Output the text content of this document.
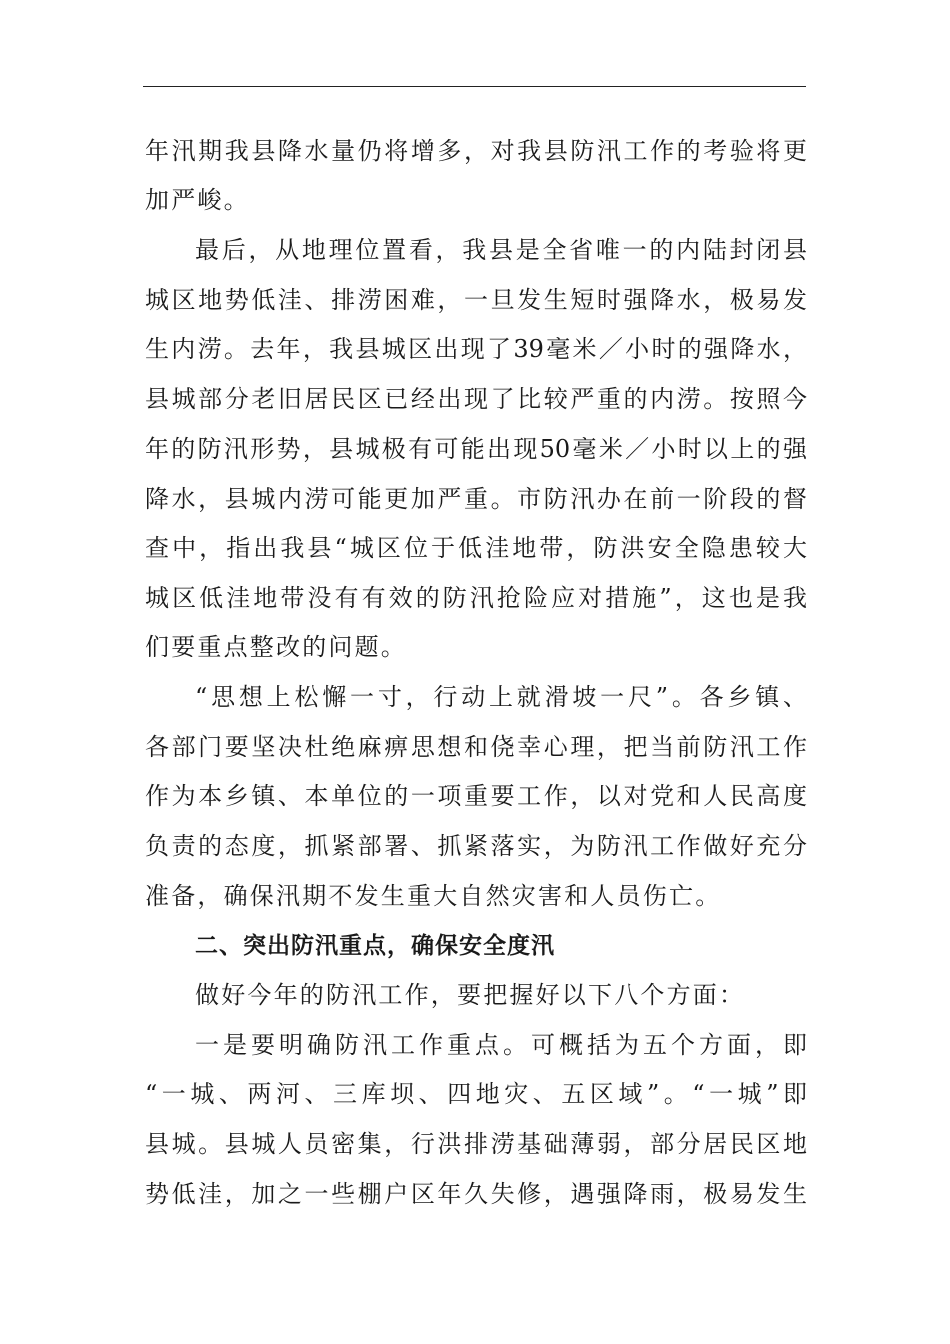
年汛期我县降水量仍将增多，对我县防汛工作的考验将更
加严峻。
最后，从地理位置看，我县是全省唯一的内陆封闭县
城区地势低洼、排涝困难，一旦发生短时强降水，极易发
生内涝。去年，我县城区出现了39毫米／小时的强降水，
县城部分老旧居民区已经出现了比较严重的内涝。按照今
年的防汛形势，县城极有可能出现50毫米／小时以上的强
降水，县城内涝可能更加严重。市防汛办在前一阶段的督
查中，指出我县“城区位于低洼地带，防洪安全隐患较大
城区低洼地带没有有效的防汛抢险应对措施”，这也是我
们要重点整改的问题。
“思想上松懈一寸，行动上就滑坡一尺”。各乡镇、
各部门要坚决杜绝麻痹思想和侥幸心理，把当前防汛工作
作为本乡镇、本单位的一项重要工作，以对党和人民高度
负责的态度，抓紧部署、抓紧落实，为防汛工作做好充分
准备，确保汛期不发生重大自然灾害和人员伤亡。
二、突出防汛重点，确保安全度汛
做好今年的防汛工作，要把握好以下八个方面：
一是要明确防汛工作重点。可概括为五个方面，即
“一城、两河、三库坝、四地灾、五区域”。“一城”即
县城。县城人员密集，行洪排涝基础薄弱，部分居民区地
势低洼，加之一些棚户区年久失修，遇强降雨，极易发生
